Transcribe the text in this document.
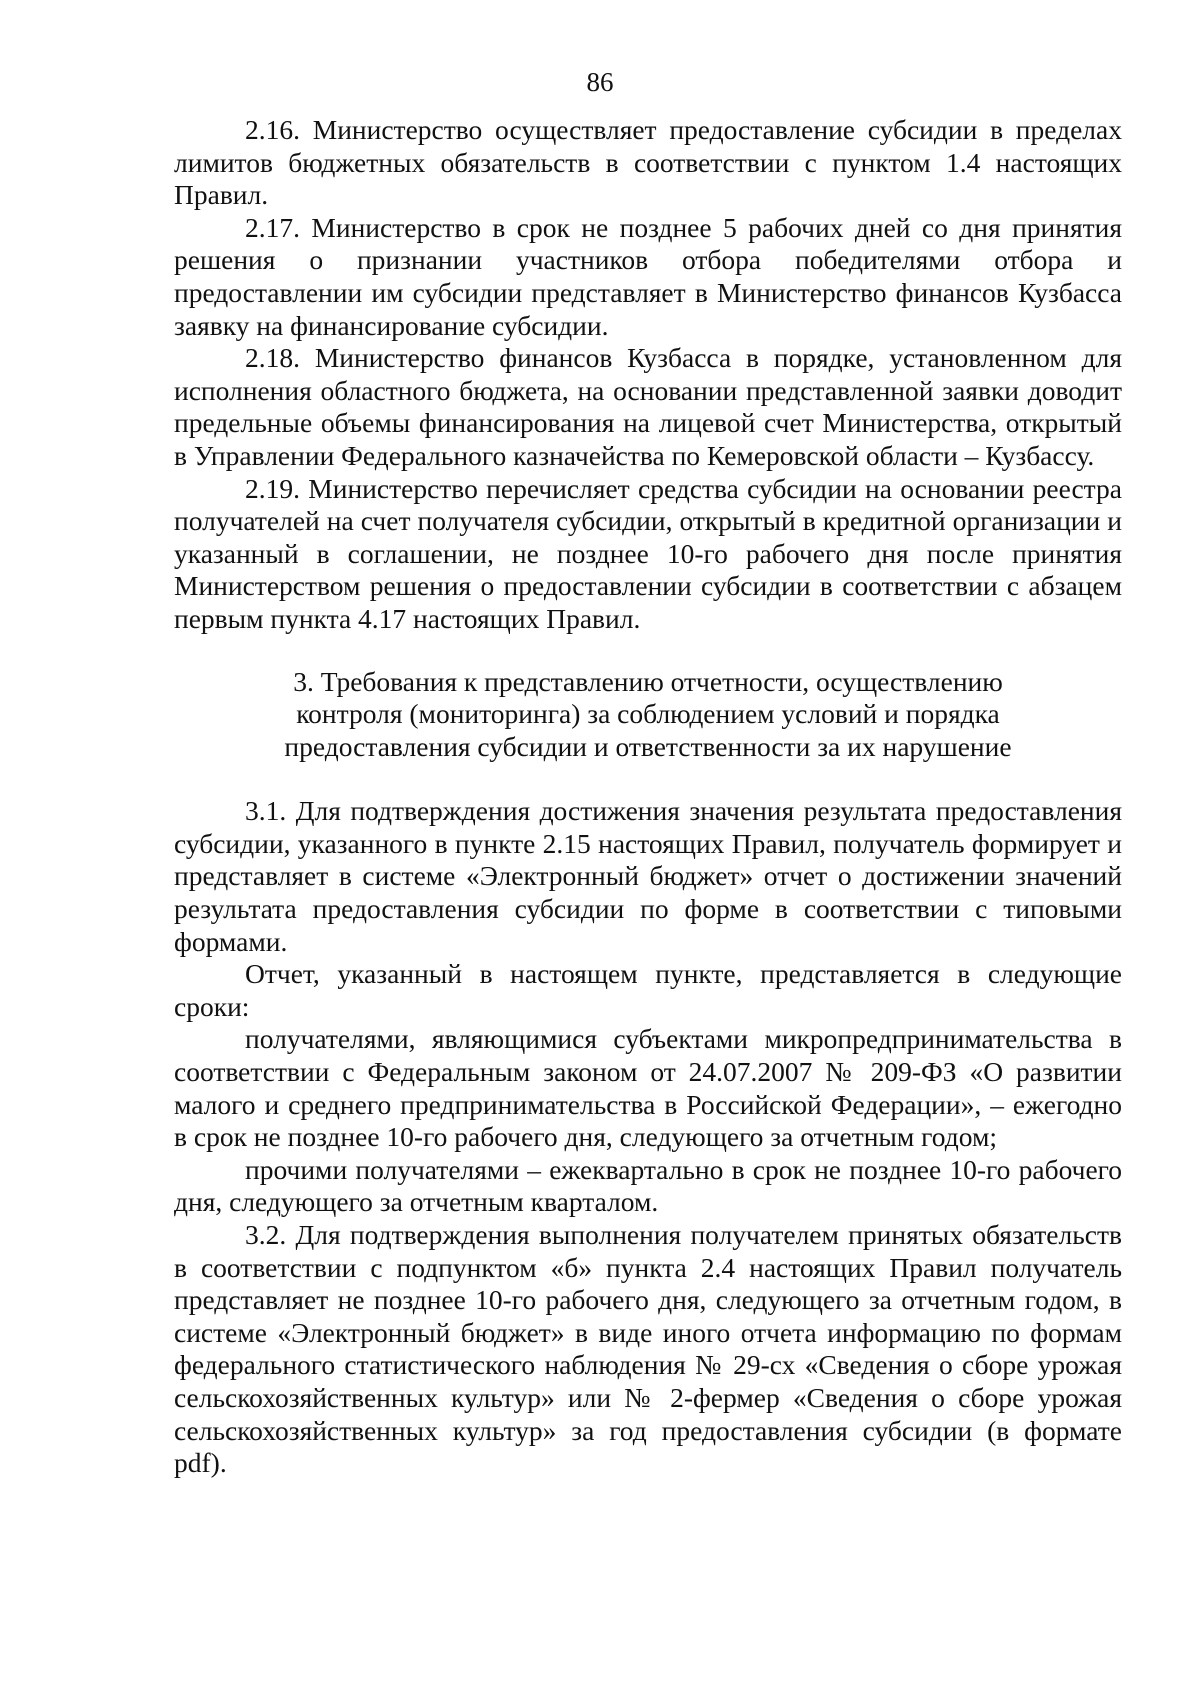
86

2.16. Министерство осуществляет предоставление субсидии в пределах лимитов бюджетных обязательств в соответствии с пунктом 1.4 настоящих Правил.

2.17. Министерство в срок не позднее 5 рабочих дней со дня принятия решения о признании участников отбора победителями отбора и предоставлении им субсидии представляет в Министерство финансов Кузбасса заявку на финансирование субсидии.

2.18. Министерство финансов Кузбасса в порядке, установленном для исполнения областного бюджета, на основании представленной заявки доводит предельные объемы финансирования на лицевой счет Министерства, открытый в Управлении Федерального казначейства по Кемеровской области – Кузбассу.

2.19. Министерство перечисляет средства субсидии на основании реестра получателей на счет получателя субсидии, открытый в кредитной организации и указанный в соглашении, не позднее 10-го рабочего дня после принятия Министерством решения о предоставлении субсидии в соответствии с абзацем первым пункта 4.17 настоящих Правил.

3. Требования к представлению отчетности, осуществлению
контроля (мониторинга) за соблюдением условий и порядка
предоставления субсидии и ответственности за их нарушение

3.1. Для подтверждения достижения значения результата предоставления субсидии, указанного в пункте 2.15 настоящих Правил, получатель формирует и представляет в системе «Электронный бюджет» отчет о достижении значений результата предоставления субсидии по форме в соответствии с типовыми формами.

Отчет, указанный в настоящем пункте, представляется в следующие сроки:

получателями, являющимися субъектами микропредпринимательства в соответствии с Федеральным законом от 24.07.2007 № 209-ФЗ «О развитии малого и среднего предпринимательства в Российской Федерации», – ежегодно в срок не позднее 10-го рабочего дня, следующего за отчетным годом;

прочими получателями – ежеквартально в срок не позднее 10-го рабочего дня, следующего за отчетным кварталом.

3.2. Для подтверждения выполнения получателем принятых обязательств в соответствии с подпунктом «б» пункта 2.4 настоящих Правил получатель представляет не позднее 10-го рабочего дня, следующего за отчетным годом, в системе «Электронный бюджет» в виде иного отчета информацию по формам федерального статистического наблюдения № 29-сх «Сведения о сборе урожая сельскохозяйственных культур» или № 2-фермер «Сведения о сборе урожая сельскохозяйственных культур» за год предоставления субсидии (в формате pdf).
